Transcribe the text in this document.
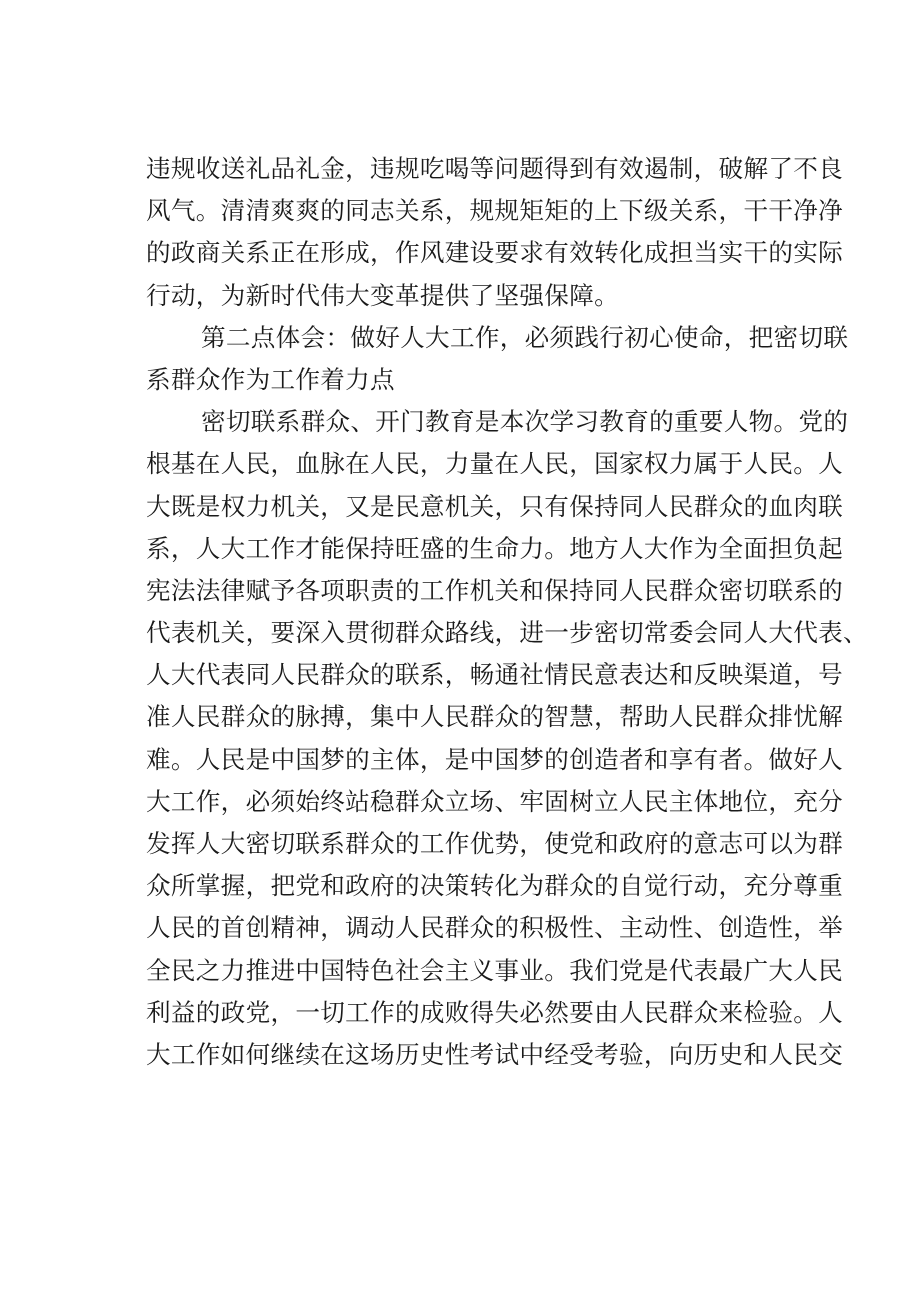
违规收送礼品礼金，违规吃喝等问题得到有效遏制，破解了不良
风气。清清爽爽的同志关系，规规矩矩的上下级关系，干干净净
的政商关系正在形成，作风建设要求有效转化成担当实干的实际
行动，为新时代伟大变革提供了坚强保障。
第二点体会：做好人大工作，必须践行初心使命，把密切联
系群众作为工作着力点
密切联系群众、开门教育是本次学习教育的重要人物。党的
根基在人民，血脉在人民，力量在人民，国家权力属于人民。人
大既是权力机关，又是民意机关，只有保持同人民群众的血肉联
系，人大工作才能保持旺盛的生命力。地方人大作为全面担负起
宪法法律赋予各项职责的工作机关和保持同人民群众密切联系的
代表机关，要深入贯彻群众路线，进一步密切常委会同人大代表、
人大代表同人民群众的联系，畅通社情民意表达和反映渠道，号
准人民群众的脉搏，集中人民群众的智慧，帮助人民群众排忧解
难。人民是中国梦的主体，是中国梦的创造者和享有者。做好人
大工作，必须始终站稳群众立场、牢固树立人民主体地位，充分
发挥人大密切联系群众的工作优势，使党和政府的意志可以为群
众所掌握，把党和政府的决策转化为群众的自觉行动，充分尊重
人民的首创精神，调动人民群众的积极性、主动性、创造性，举
全民之力推进中国特色社会主义事业。我们党是代表最广大人民
利益的政党，一切工作的成败得失必然要由人民群众来检验。人
大工作如何继续在这场历史性考试中经受考验，向历史和人民交
